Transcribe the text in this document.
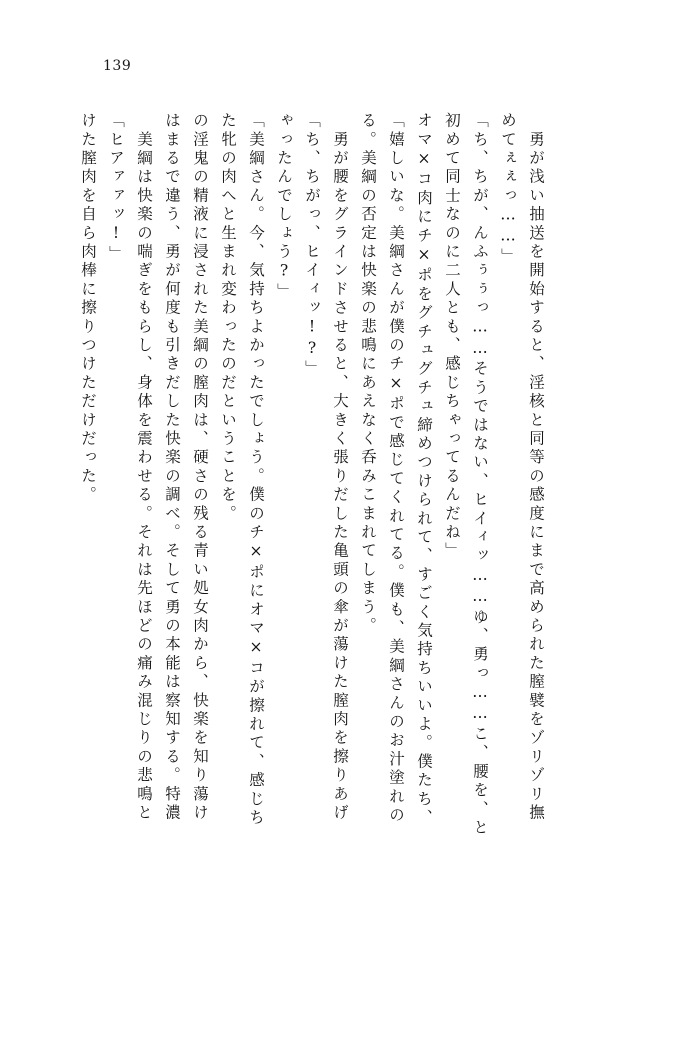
139
けた膣肉を自ら肉棒に擦りつけただけだった。 「ヒアァァッ!」 　美綱は快楽の喘ぎをもらし、身体を震わせる。それは先ほどの痛み混じりの悲鳴と はまるで違う、勇が何度も引きだした快楽の調べ。そして勇の本能は察知する。特濃 の淫鬼の精液に浸された美綱の膣肉は、硬さの残る青い処女肉から、快楽を知り蕩け た牝の肉へと生まれ変わったのだということを。 「美綱さん。今、気持ちよかったでしょう。僕のチ×ポにオマ×コが擦れて、感じち ゃったんでしょう?」 「ち、ちがっ、ヒイィッ!?」 　勇が腰をグラインドさせると、大きく張りだした亀頭の傘が蕩けた膣肉を擦りあげ る。美綱の否定は快楽の悲鳴にあえなく呑みこまれてしまう。 「嬉しいな。美綱さんが僕のチ×ポで感じてくれてる。僕も、美綱さんのお汁塗れの オマ×コ肉にチ×ポをグチュグチュ締めつけられて、すごく気持ちいいよ。僕たち、 初めて同士なのに二人とも、感じちゃってるんだね」 「ち、ちが、んふぅぅっ……そうではない、ヒイィッ……ゆ、勇っ……こ、腰を、と めてぇぇっ……」 　勇が浅い抽送を開始すると、淫核と同等の感度にまで高められた膣襞をゾリゾリ撫
